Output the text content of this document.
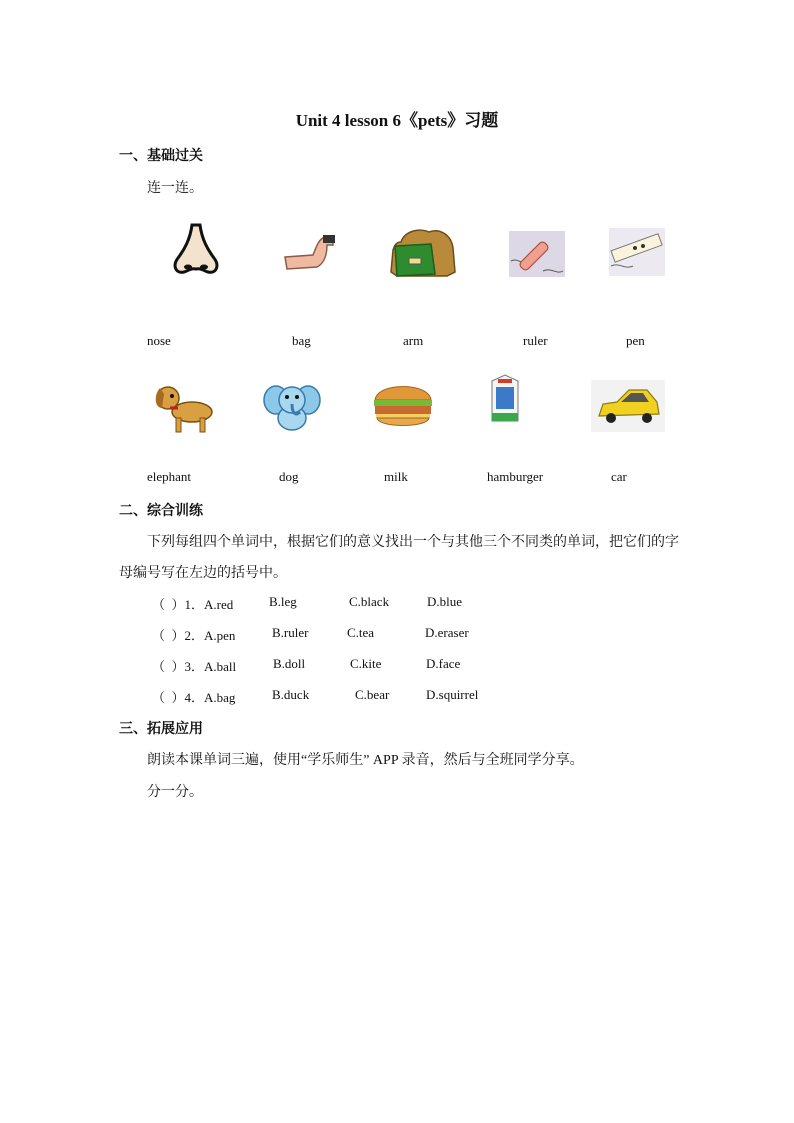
Unit 4 lesson 6《pets》习题
一、基础过关
连一连。
nose	bag	arm	ruler	pen
elephant	dog	milk	hamburger	car
二、综合训练
下列每组四个单词中，根据它们的意义找出一个与其他三个不同类的单词，把它们的字
母编号写在左边的括号中。
（  ）1．A.red	B.leg	C.black	D.blue
（  ）2．A.pen	B.ruler	C.tea	D.eraser
（  ）3．A.ball	B.doll	C.kite	D.face
（  ）4．A.bag	B.duck	C.bear	D.squirrel
三、拓展应用
朗读本课单词三遍，使用“学乐师生” APP 录音，然后与全班同学分享。
分一分。
